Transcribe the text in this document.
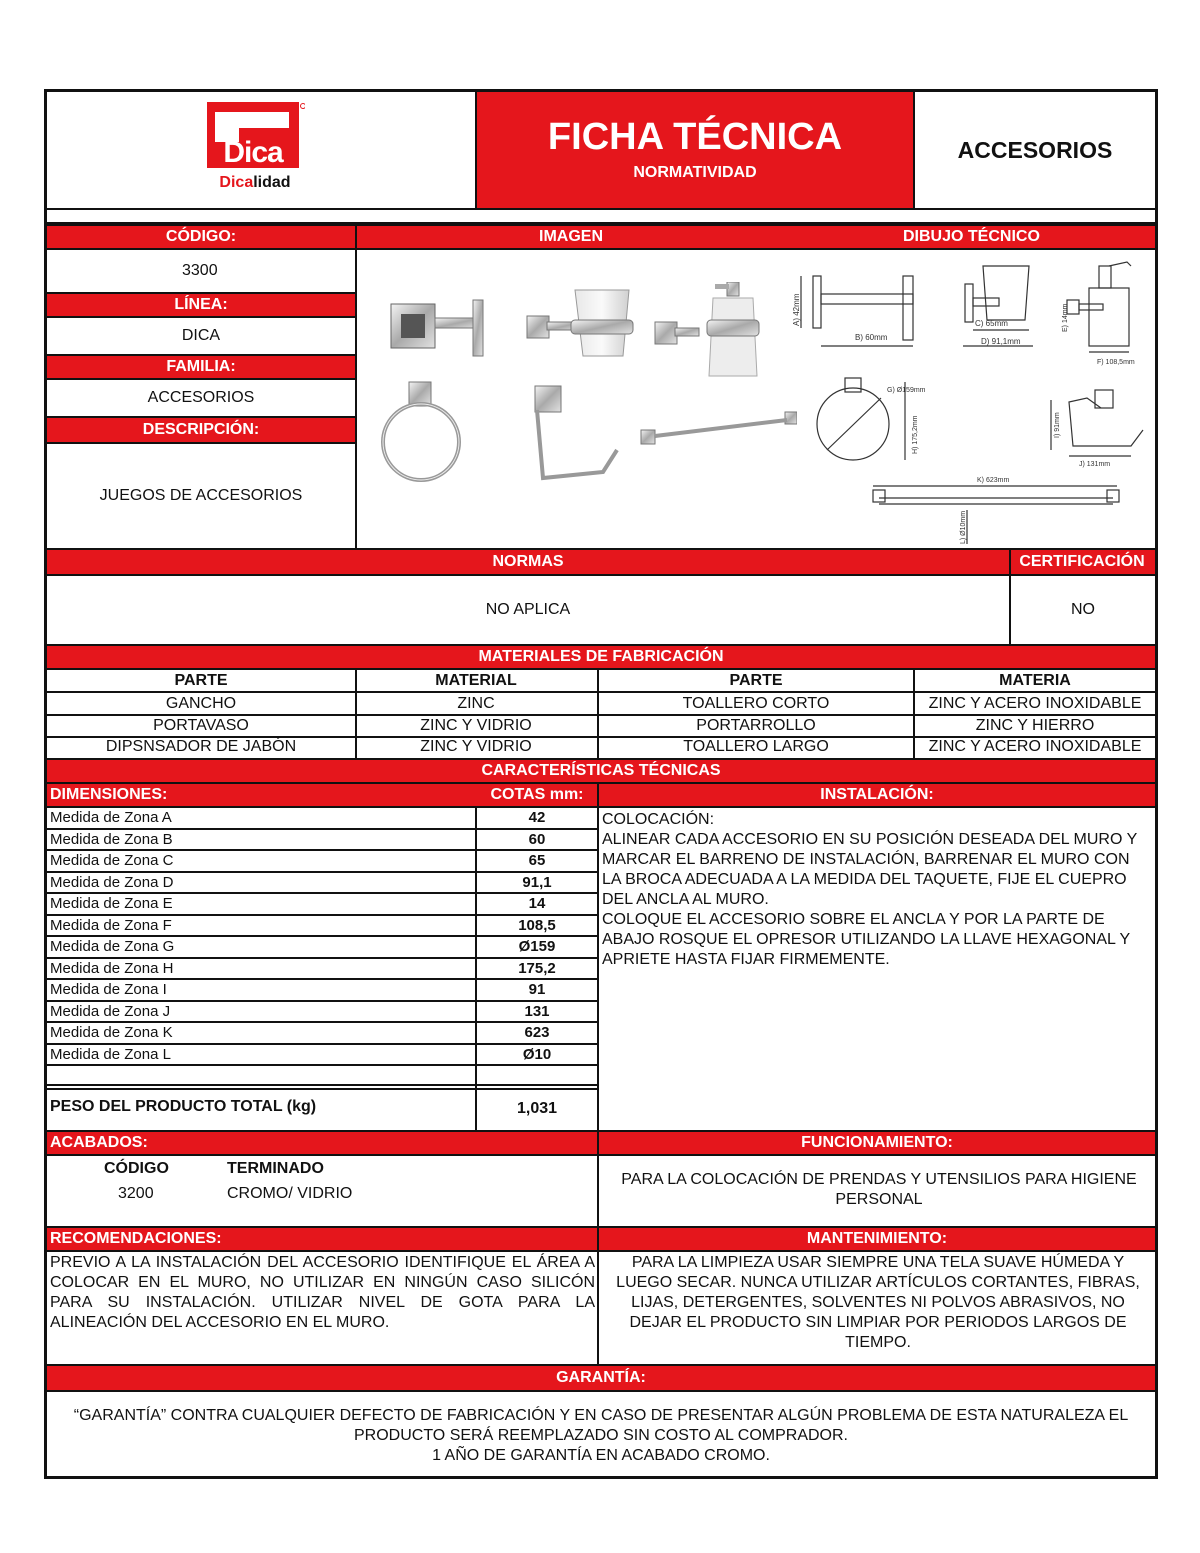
Dica
Dicalidad
FICHA TÉCNICA
NORMATIVIDAD
ACCESORIOS
CÓDIGO:	IMAGEN	DIBUJO TÉCNICO
3300
LÍNEA:
DICA
FAMILIA:
ACCESORIOS
DESCRIPCIÓN:
JUEGOS DE ACCESORIOS
A) 42mm
B) 60mm
C) 65mm
D) 91,1mm
E) 14mm
F) 108,5mm
G) Ø159mm
H) 175,2mm	I) 91mm
J) 131mm
K) 623mm
L) Ø10mm
NORMAS	CERTIFICACIÓN
NO APLICA	NO
MATERIALES DE FABRICACIÓN
PARTE	MATERIAL	PARTE	MATERIA
GANCHO	ZINC	TOALLERO CORTO	ZINC Y ACERO INOXIDABLE
PORTAVASO	ZINC Y VIDRIO	PORTARROLLO	ZINC Y HIERRO
DIPSNSADOR DE JABÓN	ZINC Y VIDRIO	TOALLERO LARGO	ZINC Y ACERO INOXIDABLE
CARACTERÍSTICAS TÉCNICAS
DIMENSIONES:	COTAS mm:	INSTALACIÓN:
Medida de Zona A	42
Medida de Zona B	60
Medida de Zona C	65
Medida de Zona D	91,1
Medida de Zona E	14
Medida de Zona F	108,5
Medida de Zona G	Ø159
Medida de Zona H	175,2
Medida de Zona I	91
Medida de Zona J	131
Medida de Zona K	623
Medida de Zona L	Ø10
PESO DEL PRODUCTO TOTAL (kg)	1,031
COLOCACIÓN:
ALINEAR CADA ACCESORIO EN SU POSICIÓN DESEADA DEL MURO Y MARCAR EL BARRENO DE INSTALACIÓN, BARRENAR EL MURO CON LA BROCA ADECUADA A LA MEDIDA DEL TAQUETE, FIJE EL CUEPRO DEL ANCLA AL MURO.
COLOQUE EL ACCESORIO SOBRE EL ANCLA Y POR LA PARTE DE ABAJO ROSQUE EL OPRESOR UTILIZANDO LA LLAVE HEXAGONAL Y APRIETE HASTA FIJAR FIRMEMENTE.
ACABADOS:	FUNCIONAMIENTO:
CÓDIGO	TERMINADO
3200	CROMO/ VIDRIO
PARA LA COLOCACIÓN DE PRENDAS Y UTENSILIOS PARA HIGIENE PERSONAL
RECOMENDACIONES:	MANTENIMIENTO:
PREVIO A LA INSTALACIÓN DEL ACCESORIO IDENTIFIQUE EL ÁREA A COLOCAR EN EL MURO, NO UTILIZAR EN NINGÚN CASO SILICÓN PARA SU INSTALACIÓN. UTILIZAR NIVEL DE GOTA PARA LA ALINEACIÓN DEL ACCESORIO EN EL MURO.
PARA LA LIMPIEZA USAR SIEMPRE UNA TELA SUAVE HÚMEDA Y LUEGO SECAR. NUNCA UTILIZAR ARTÍCULOS CORTANTES, FIBRAS, LIJAS, DETERGENTES, SOLVENTES NI POLVOS ABRASIVOS, NO DEJAR EL PRODUCTO SIN LIMPIAR POR PERIODOS LARGOS DE TIEMPO.
GARANTÍA:
“GARANTÍA” CONTRA CUALQUIER DEFECTO DE FABRICACIÓN Y EN CASO DE PRESENTAR ALGÚN PROBLEMA DE ESTA NATURALEZA EL
PRODUCTO SERÁ REEMPLAZADO SIN COSTO AL COMPRADOR.
1 AÑO DE GARANTÍA EN ACABADO CROMO.
